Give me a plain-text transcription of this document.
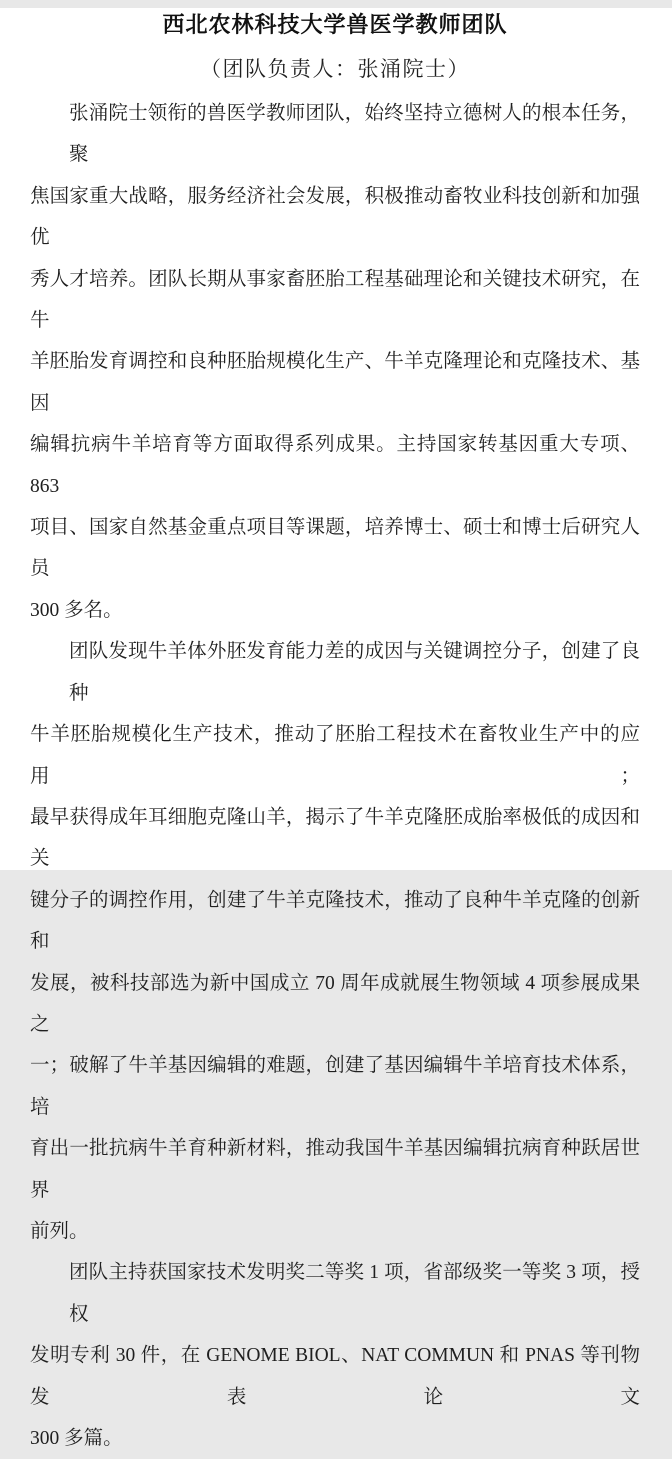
西北农林科技大学兽医学教师团队
（团队负责人：张涌院士）
张涌院士领衔的兽医学教师团队，始终坚持立德树人的根本任务，聚
焦国家重大战略，服务经济社会发展，积极推动畜牧业科技创新和加强优
秀人才培养。团队长期从事家畜胚胎工程基础理论和关键技术研究，在牛
羊胚胎发育调控和良种胚胎规模化生产、牛羊克隆理论和克隆技术、基因
编辑抗病牛羊培育等方面取得系列成果。主持国家转基因重大专项、863
项目、国家自然基金重点项目等课题，培养博士、硕士和博士后研究人员
300 多名。
团队发现牛羊体外胚发育能力差的成因与关键调控分子，创建了良种
牛羊胚胎规模化生产技术，推动了胚胎工程技术在畜牧业生产中的应用；
最早获得成年耳细胞克隆山羊，揭示了牛羊克隆胚成胎率极低的成因和关
键分子的调控作用，创建了牛羊克隆技术，推动了良种牛羊克隆的创新和
发展，被科技部选为新中国成立 70 周年成就展生物领域 4 项参展成果之
一；破解了牛羊基因编辑的难题，创建了基因编辑牛羊培育技术体系，培
育出一批抗病牛羊育种新材料，推动我国牛羊基因编辑抗病育种跃居世界
前列。
团队主持获国家技术发明奖二等奖 1 项，省部级奖一等奖 3 项，授权
发明专利 30 件，在 GENOME BIOL、NAT COMMUN 和 PNAS 等刊物发表论文
300 多篇。
